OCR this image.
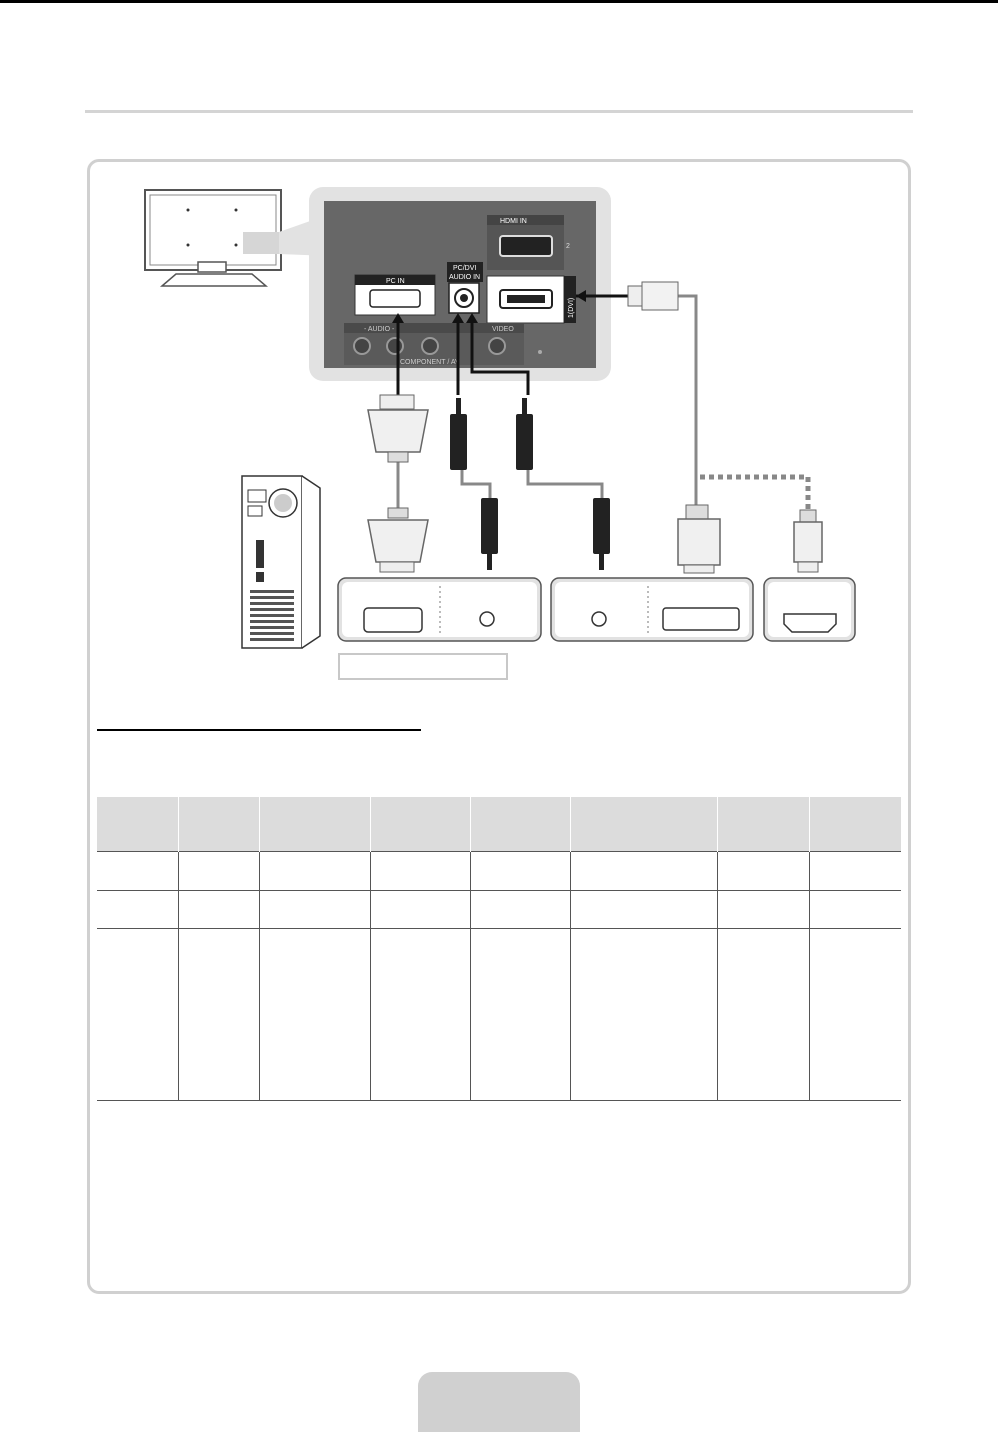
HDMI IN
2
1(DVI)
PC IN
PC/DVI
AUDIO IN
- AUDIO -	VIDEO
COMPONENT / AV
